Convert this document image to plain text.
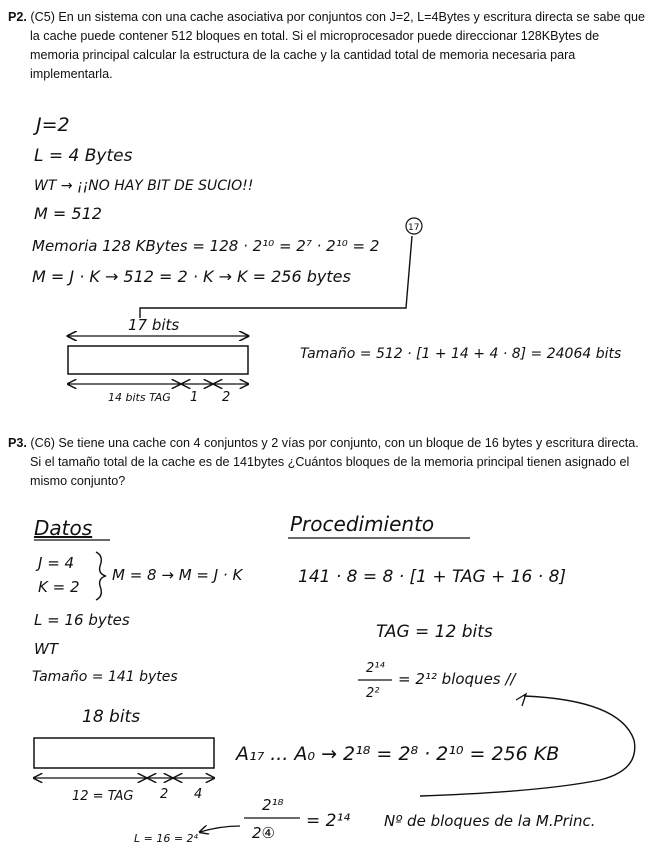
P2. (C5) En un sistema con una cache asociativa por conjuntos con J=2, L=4Bytes y escritura directa se sabe que la cache puede contener 512 bloques en total. Si el microprocesador puede direccionar 128KBytes de memoria principal calcular la estructura de la cache y la cantidad total de memoria necesaria para implementarla.
P3. (C6) Se tiene una cache con 4 conjuntos y 2 vías por conjunto, con un bloque de 16 bytes y escritura directa. Si el tamaño total de la cache es de 141bytes ¿Cuántos bloques de la memoria principal tienen asignado el mismo conjunto?
J=2
L = 4 Bytes
WT → ¡¡NO HAY BIT DE SUCIO!!
M = 512
Memoria 128 KBytes = 128 · 2¹⁰ = 2⁷ · 2¹⁰ = 2
17
M = J · K → 512 = 2 · K → K = 256 bytes
17 bits
14 bits TAG 1 2
Tamaño = 512 · [1 + 14 + 4 · 8] = 24064 bits
Datos
J = 4
K = 2
M = 8 → M = J · K
L = 16 bytes
WT
Tamaño = 141 bytes
Procedimiento
141 · 8 = 8 · [1 + TAG + 16 · 8]
TAG = 12 bits
2¹⁴
2²
= 2¹² bloques //
18 bits
12 = TAG 2 4
A₁₇ ... A₀ → 2¹⁸ = 2⁸ · 2¹⁰ = 256 KB
2¹⁸
2④
= 2¹⁴ Nº de bloques de la M.Princ.
L = 16 = 2⁴
